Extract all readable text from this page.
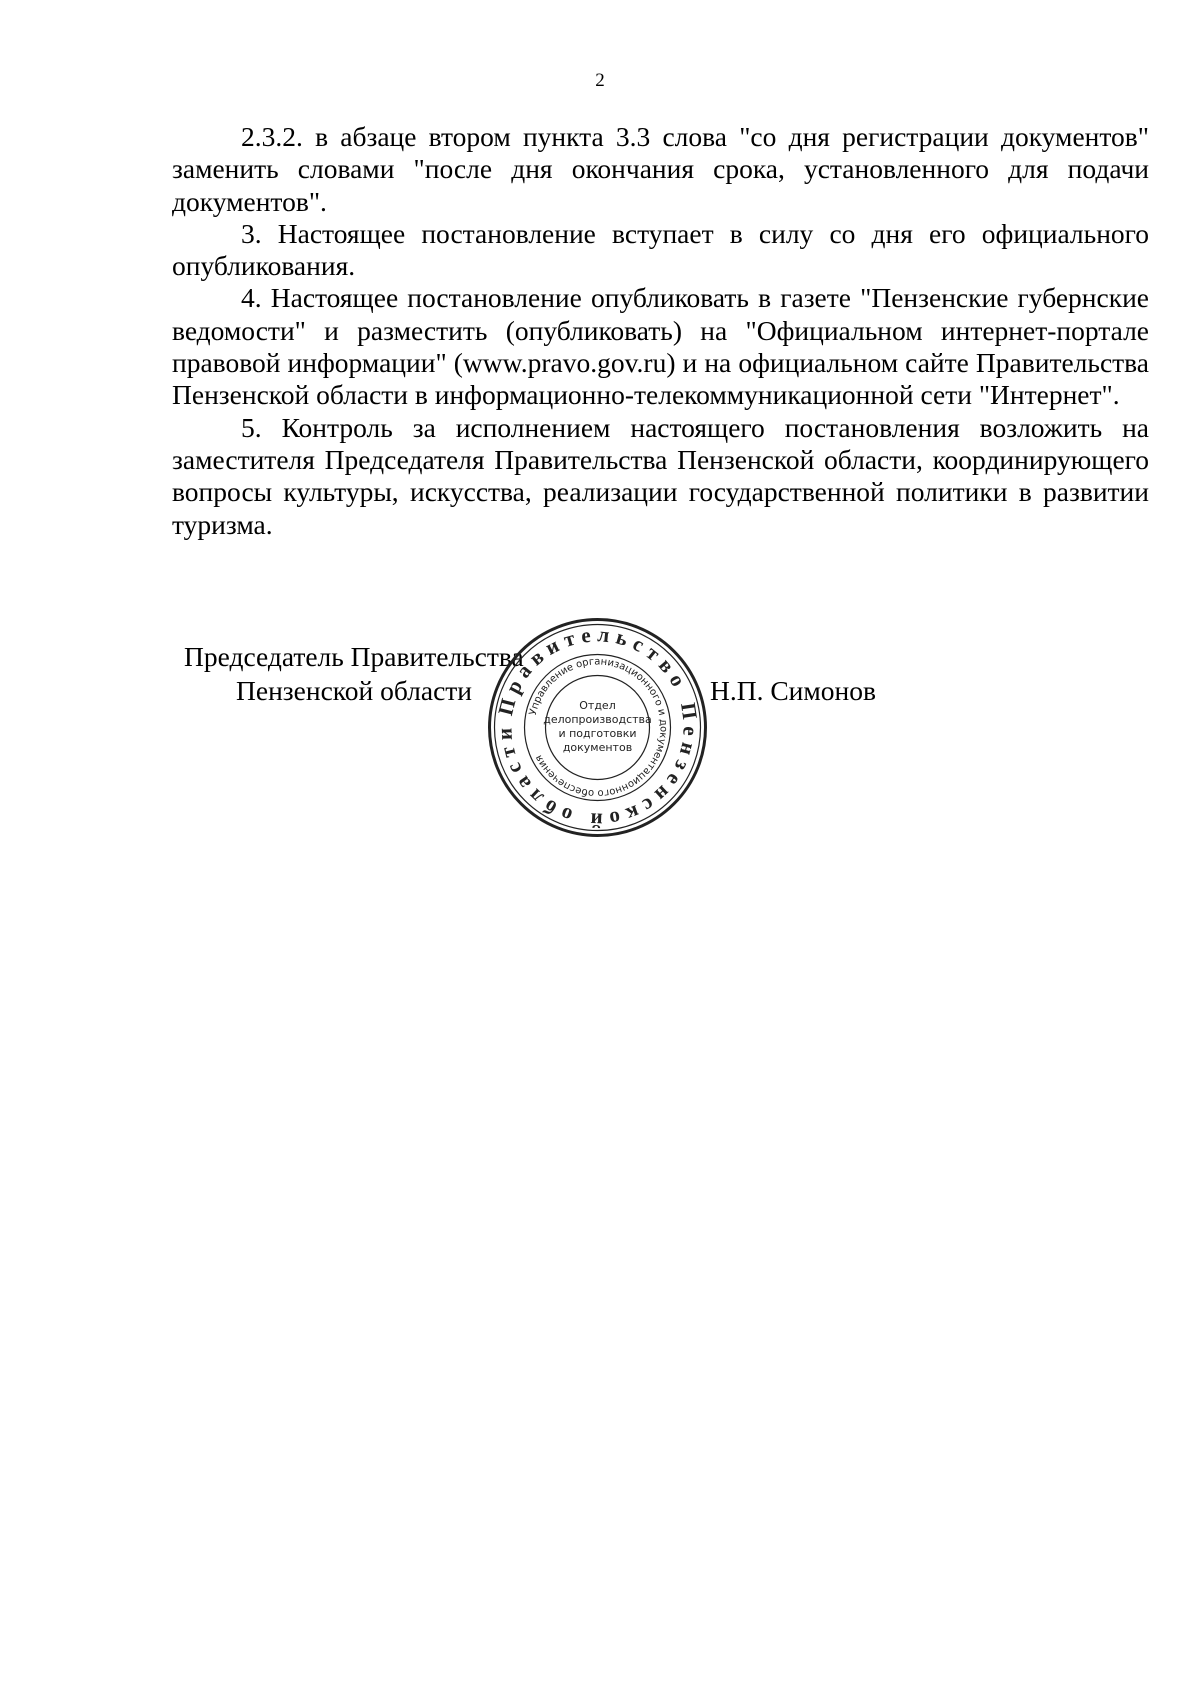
2

2.3.2. в абзаце втором пункта 3.3 слова "со дня регистрации документов" заменить словами "после дня окончания срока, установленного для подачи документов".

3. Настоящее постановление вступает в силу со дня его официального опубликования.

4. Настоящее постановление опубликовать в газете "Пензенские губернские ведомости" и разместить (опубликовать) на "Официальном интернет-портале правовой информации" (www.pravo.gov.ru) и на официальном сайте Правительства Пензенской области в информационно-телекоммуникационной сети "Интернет".

5. Контроль за исполнением настоящего постановления возложить на заместителя Председателя Правительства Пензенской области, координирующего вопросы культуры, искусства, реализации государственной политики в развитии туризма.

Председатель Правительства
Пензенской области	Н.П. Симонов
Правительство Пензенской области
Управление организационного и документационного обеспечения
Отдел
делопроизводства
и подготовки
документов
